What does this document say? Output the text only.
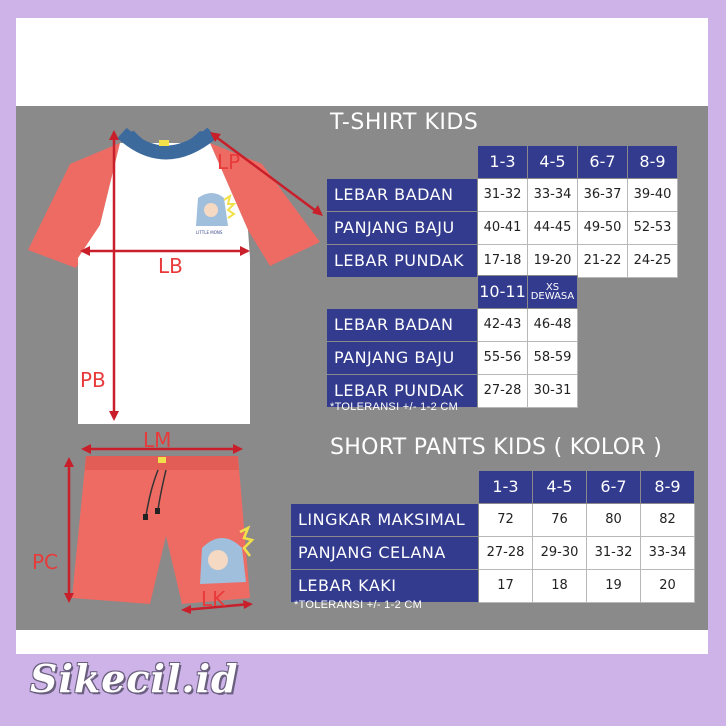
LITTLE MONS
LP
LB
PB
LM
PC
LK
T-SHIRT KIDS
	1-3	4-5	6-7	8-9
LEBAR BADAN	31-32	33-34	36-37	39-40
PANJANG BAJU	40-41	44-45	49-50	52-53
LEBAR PUNDAK	17-18	19-20	21-22	24-25
	10-11	XS DEWASA
LEBAR BADAN	42-43	46-48
PANJANG BAJU	55-56	58-59
LEBAR PUNDAK	27-28	30-31
*TOLERANSI +/- 1-2 CM
SHORT PANTS KIDS ( KOLOR )
	1-3	4-5	6-7	8-9
LINGKAR MAKSIMAL	72	76	80	82
PANJANG CELANA	27-28	29-30	31-32	33-34
LEBAR KAKI	17	18	19	20
*TOLERANSI +/- 1-2 CM
Sikecil.id
